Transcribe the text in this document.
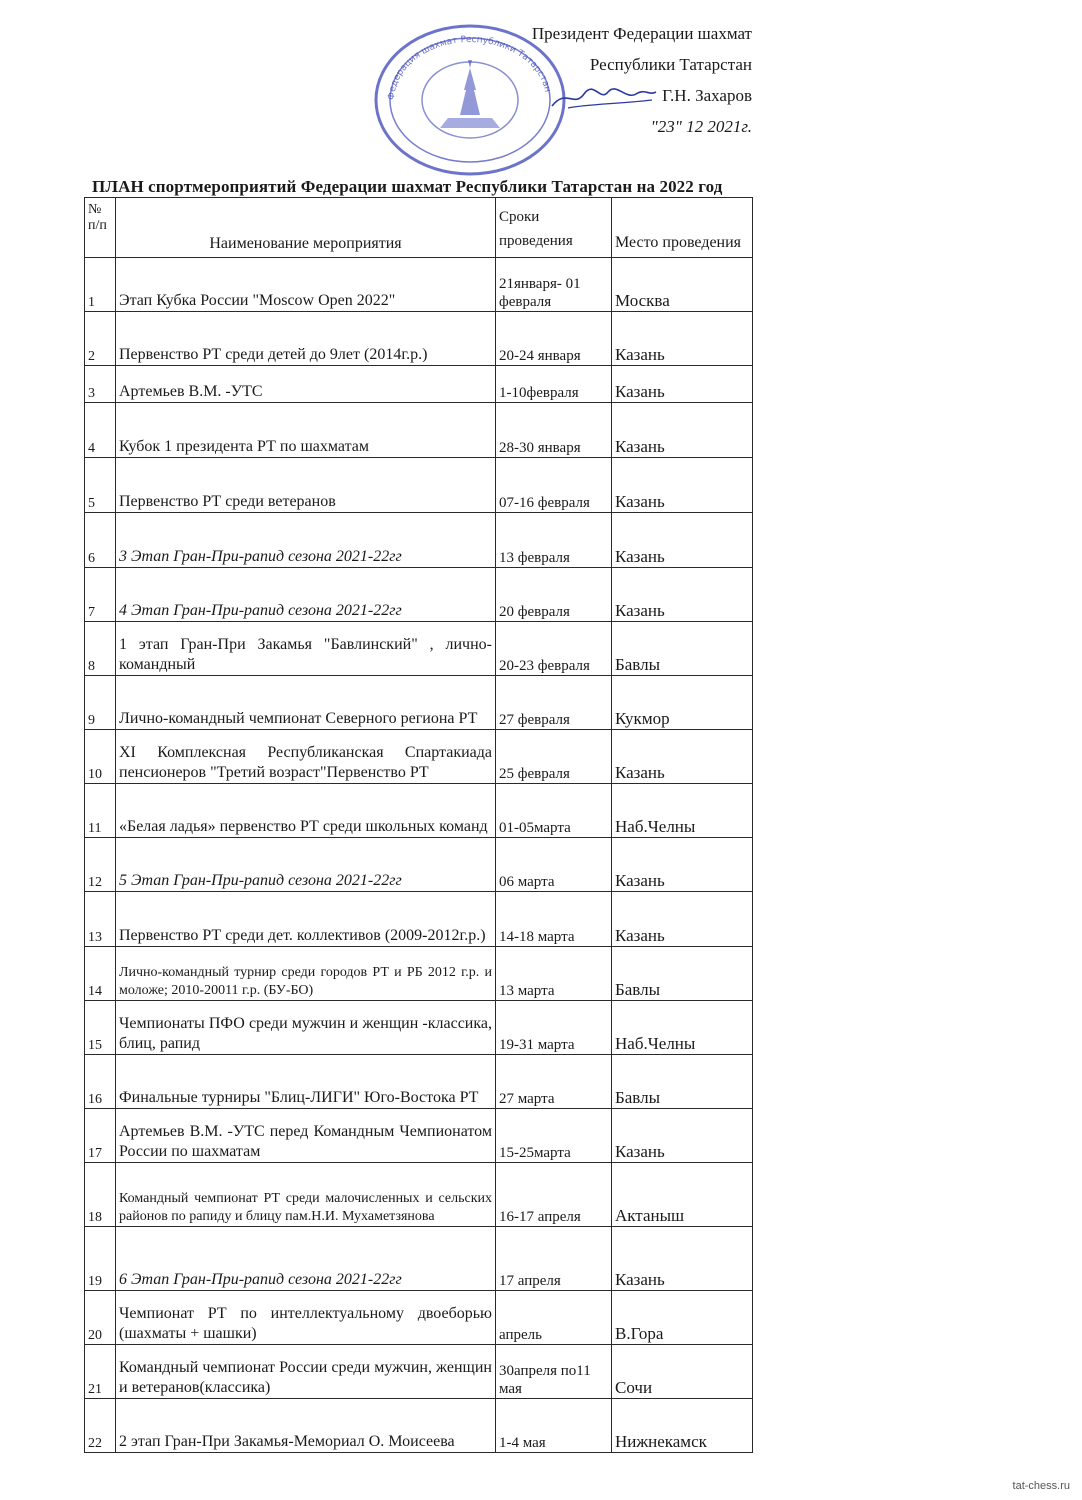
Федерация шахмат Республики Татарстан
Президент Федерации шахмат
Республики Татарстан
Г.Н. Захаров
"23" 12 2021г.
ПЛАН спортмероприятий Федерации шахмат Республики Татарстан на 2022 год
№ п/п	Наименование мероприятия	Сроки проведения	Место проведения
1	Этап Кубка России "Moscow Open 2022"	21января- 01 февраля	Москва
2	Первенство РТ среди детей до 9лет (2014г.р.)	20-24 января	Казань
3	Артемьев В.М. -УТС	1-10февраля	Казань
4	Кубок 1 президента РТ по шахматам	28-30 января	Казань
5	Первенство РТ среди ветеранов	07-16 февраля	Казань
6	3 Этап Гран-При-рапид сезона 2021-22гг	13 февраля	Казань
7	4 Этап Гран-При-рапид сезона 2021-22гг	20 февраля	Казань
8	1 этап Гран-При Закамья "Бавлинский" , лично-командный	20-23 февраля	Бавлы
9	Лично-командный чемпионат Северного региона РТ	27 февраля	Кукмор
10	XI Комплексная Республиканская Спартакиада пенсионеров "Третий возраст"Первенство РТ	25 февраля	Казань
11	«Белая ладья» первенство РТ среди школьных команд	01-05марта	Наб.Челны
12	5 Этап Гран-При-рапид сезона 2021-22гг	06 марта	Казань
13	Первенство РТ среди дет. коллективов (2009-2012г.р.)	14-18 марта	Казань
14	Лично-командный турнир среди городов РТ и РБ 2012 г.р. и моложе; 2010-20011 г.р. (БУ-БО)	13 марта	Бавлы
15	Чемпионаты ПФО среди мужчин и женщин -классика, блиц, рапид	19-31 марта	Наб.Челны
16	Финальные турниры "Блиц-ЛИГИ" Юго-Востока РТ	27 марта	Бавлы
17	Артемьев В.М. -УТС перед Командным Чемпионатом России по шахматам	15-25марта	Казань
18	Командный чемпионат РТ среди малочисленных и сельских районов по рапиду и блицу пам.Н.И. Мухаметзянова	16-17 апреля	Актаныш
19	6 Этап Гран-При-рапид сезона 2021-22гг	17 апреля	Казань
20	Чемпионат РТ по интеллектуальному двоеборью (шахматы + шашки)	апрель	В.Гора
21	Командный чемпионат России среди мужчин, женщин и ветеранов(классика)	30апреля по11 мая	Сочи
22	2 этап Гран-При Закамья-Мемориал О. Моисеева	1-4 мая	Нижнекамск
tat-chess.ru
